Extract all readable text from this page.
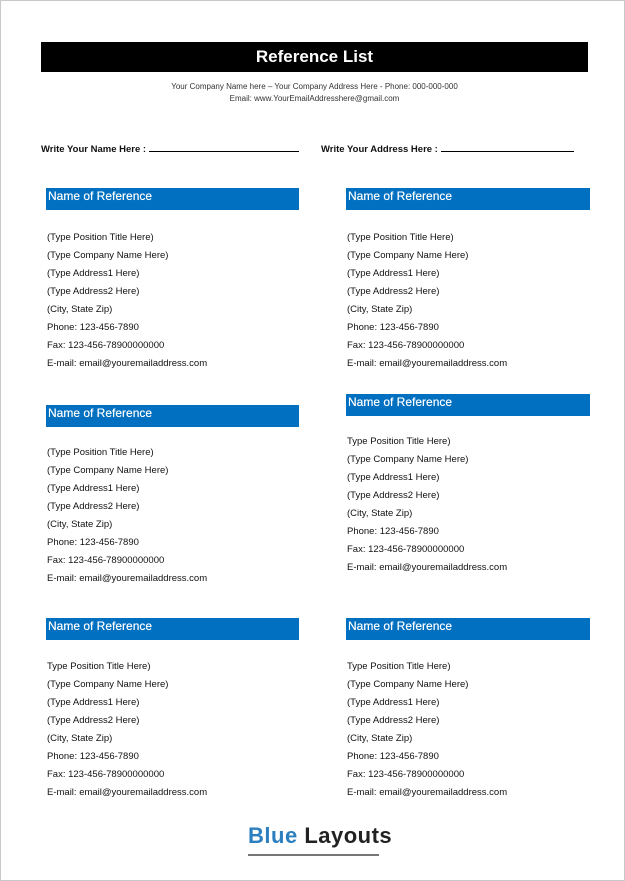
Reference List
Your Company Name here – Your Company Address Here - Phone: 000-000-000
Email: www.YourEmailAddresshere@gmail.com
Write Your Name Here :	Write Your Address Here :
Name of Reference
(Type Position Title Here)
(Type Company Name Here)
(Type Address1 Here)
(Type Address2 Here)
(City, State Zip)
Phone: 123-456-7890
Fax: 123-456-78900000000
E-mail: email@youremailaddress.com
Name of Reference
(Type Position Title Here)
(Type Company Name Here)
(Type Address1 Here)
(Type Address2 Here)
(City, State Zip)
Phone: 123-456-7890
Fax: 123-456-78900000000
E-mail: email@youremailaddress.com
Name of Reference
Type Position Title Here)
(Type Company Name Here)
(Type Address1 Here)
(Type Address2 Here)
(City, State Zip)
Phone: 123-456-7890
Fax: 123-456-78900000000
E-mail: email@youremailaddress.com
Name of Reference
(Type Position Title Here)
(Type Company Name Here)
(Type Address1 Here)
(Type Address2 Here)
(City, State Zip)
Phone: 123-456-7890
Fax: 123-456-78900000000
E-mail: email@youremailaddress.com
Name of Reference
Type Position Title Here)
(Type Company Name Here)
(Type Address1 Here)
(Type Address2 Here)
(City, State Zip)
Phone: 123-456-7890
Fax: 123-456-78900000000
E-mail: email@youremailaddress.com
Name of Reference
Type Position Title Here)
(Type Company Name Here)
(Type Address1 Here)
(Type Address2 Here)
(City, State Zip)
Phone: 123-456-7890
Fax: 123-456-78900000000
E-mail: email@youremailaddress.com
Blue Layouts
